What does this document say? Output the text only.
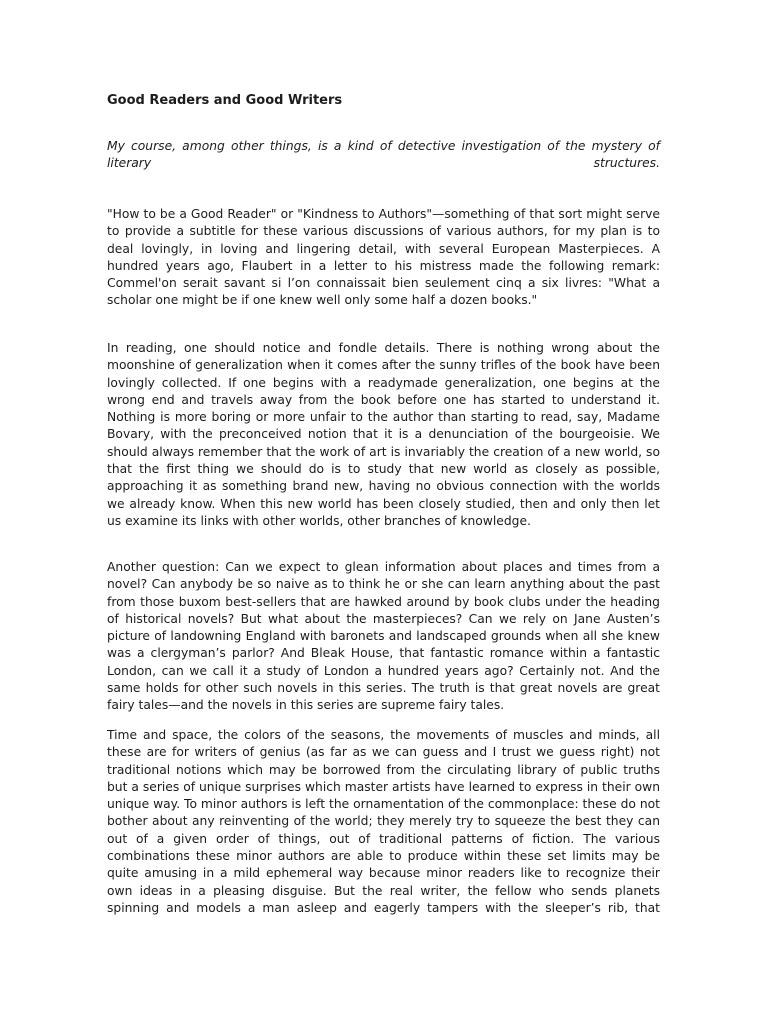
Good Readers and Good Writers

My course, among other things, is a kind of detective investigation of the mystery of literary structures.

"How to be a Good Reader" or "Kindness to Authors"—something of that sort might serve to provide a subtitle for these various discussions of various authors, for my plan is to deal lovingly, in loving and lingering detail, with several European Masterpieces. A hundred years ago, Flaubert in a letter to his mistress made the following remark: Commel'on serait savant si l’on connaissait bien seulement cinq a six livres: "What a scholar one might be if one knew well only some half a dozen books."

In reading, one should notice and fondle details. There is nothing wrong about the moonshine of generalization when it comes after the sunny trifles of the book have been lovingly collected. If one begins with a readymade generalization, one begins at the wrong end and travels away from the book before one has started to understand it. Nothing is more boring or more unfair to the author than starting to read, say, Madame Bovary, with the preconceived notion that it is a denunciation of the bourgeoisie. We should always remember that the work of art is invariably the creation of a new world, so that the first thing we should do is to study that new world as closely as possible, approaching it as something brand new, having no obvious connection with the worlds we already know. When this new world has been closely studied, then and only then let us examine its links with other worlds, other branches of knowledge.

Another question: Can we expect to glean information about places and times from a novel? Can anybody be so naive as to think he or she can learn anything about the past from those buxom best-sellers that are hawked around by book clubs under the heading of historical novels? But what about the masterpieces? Can we rely on Jane Austen’s picture of landowning England with baronets and landscaped grounds when all she knew was a clergyman’s parlor? And Bleak House, that fantastic romance within a fantastic London, can we call it a study of London a hundred years ago? Certainly not. And the same holds for other such novels in this series. The truth is that great novels are great fairy tales—and the novels in this series are supreme fairy tales.

Time and space, the colors of the seasons, the movements of muscles and minds, all these are for writers of genius (as far as we can guess and I trust we guess right) not traditional notions which may be borrowed from the circulating library of public truths but a series of unique surprises which master artists have learned to express in their own unique way. To minor authors is left the ornamentation of the commonplace: these do not bother about any reinventing of the world; they merely try to squeeze the best they can out of a given order of things, out of traditional patterns of fiction. The various combinations these minor authors are able to produce within these set limits may be quite amusing in a mild ephemeral way because minor readers like to recognize their own ideas in a pleasing disguise. But the real writer, the fellow who sends planets spinning and models a man asleep and eagerly tampers with the sleeper’s rib, that
